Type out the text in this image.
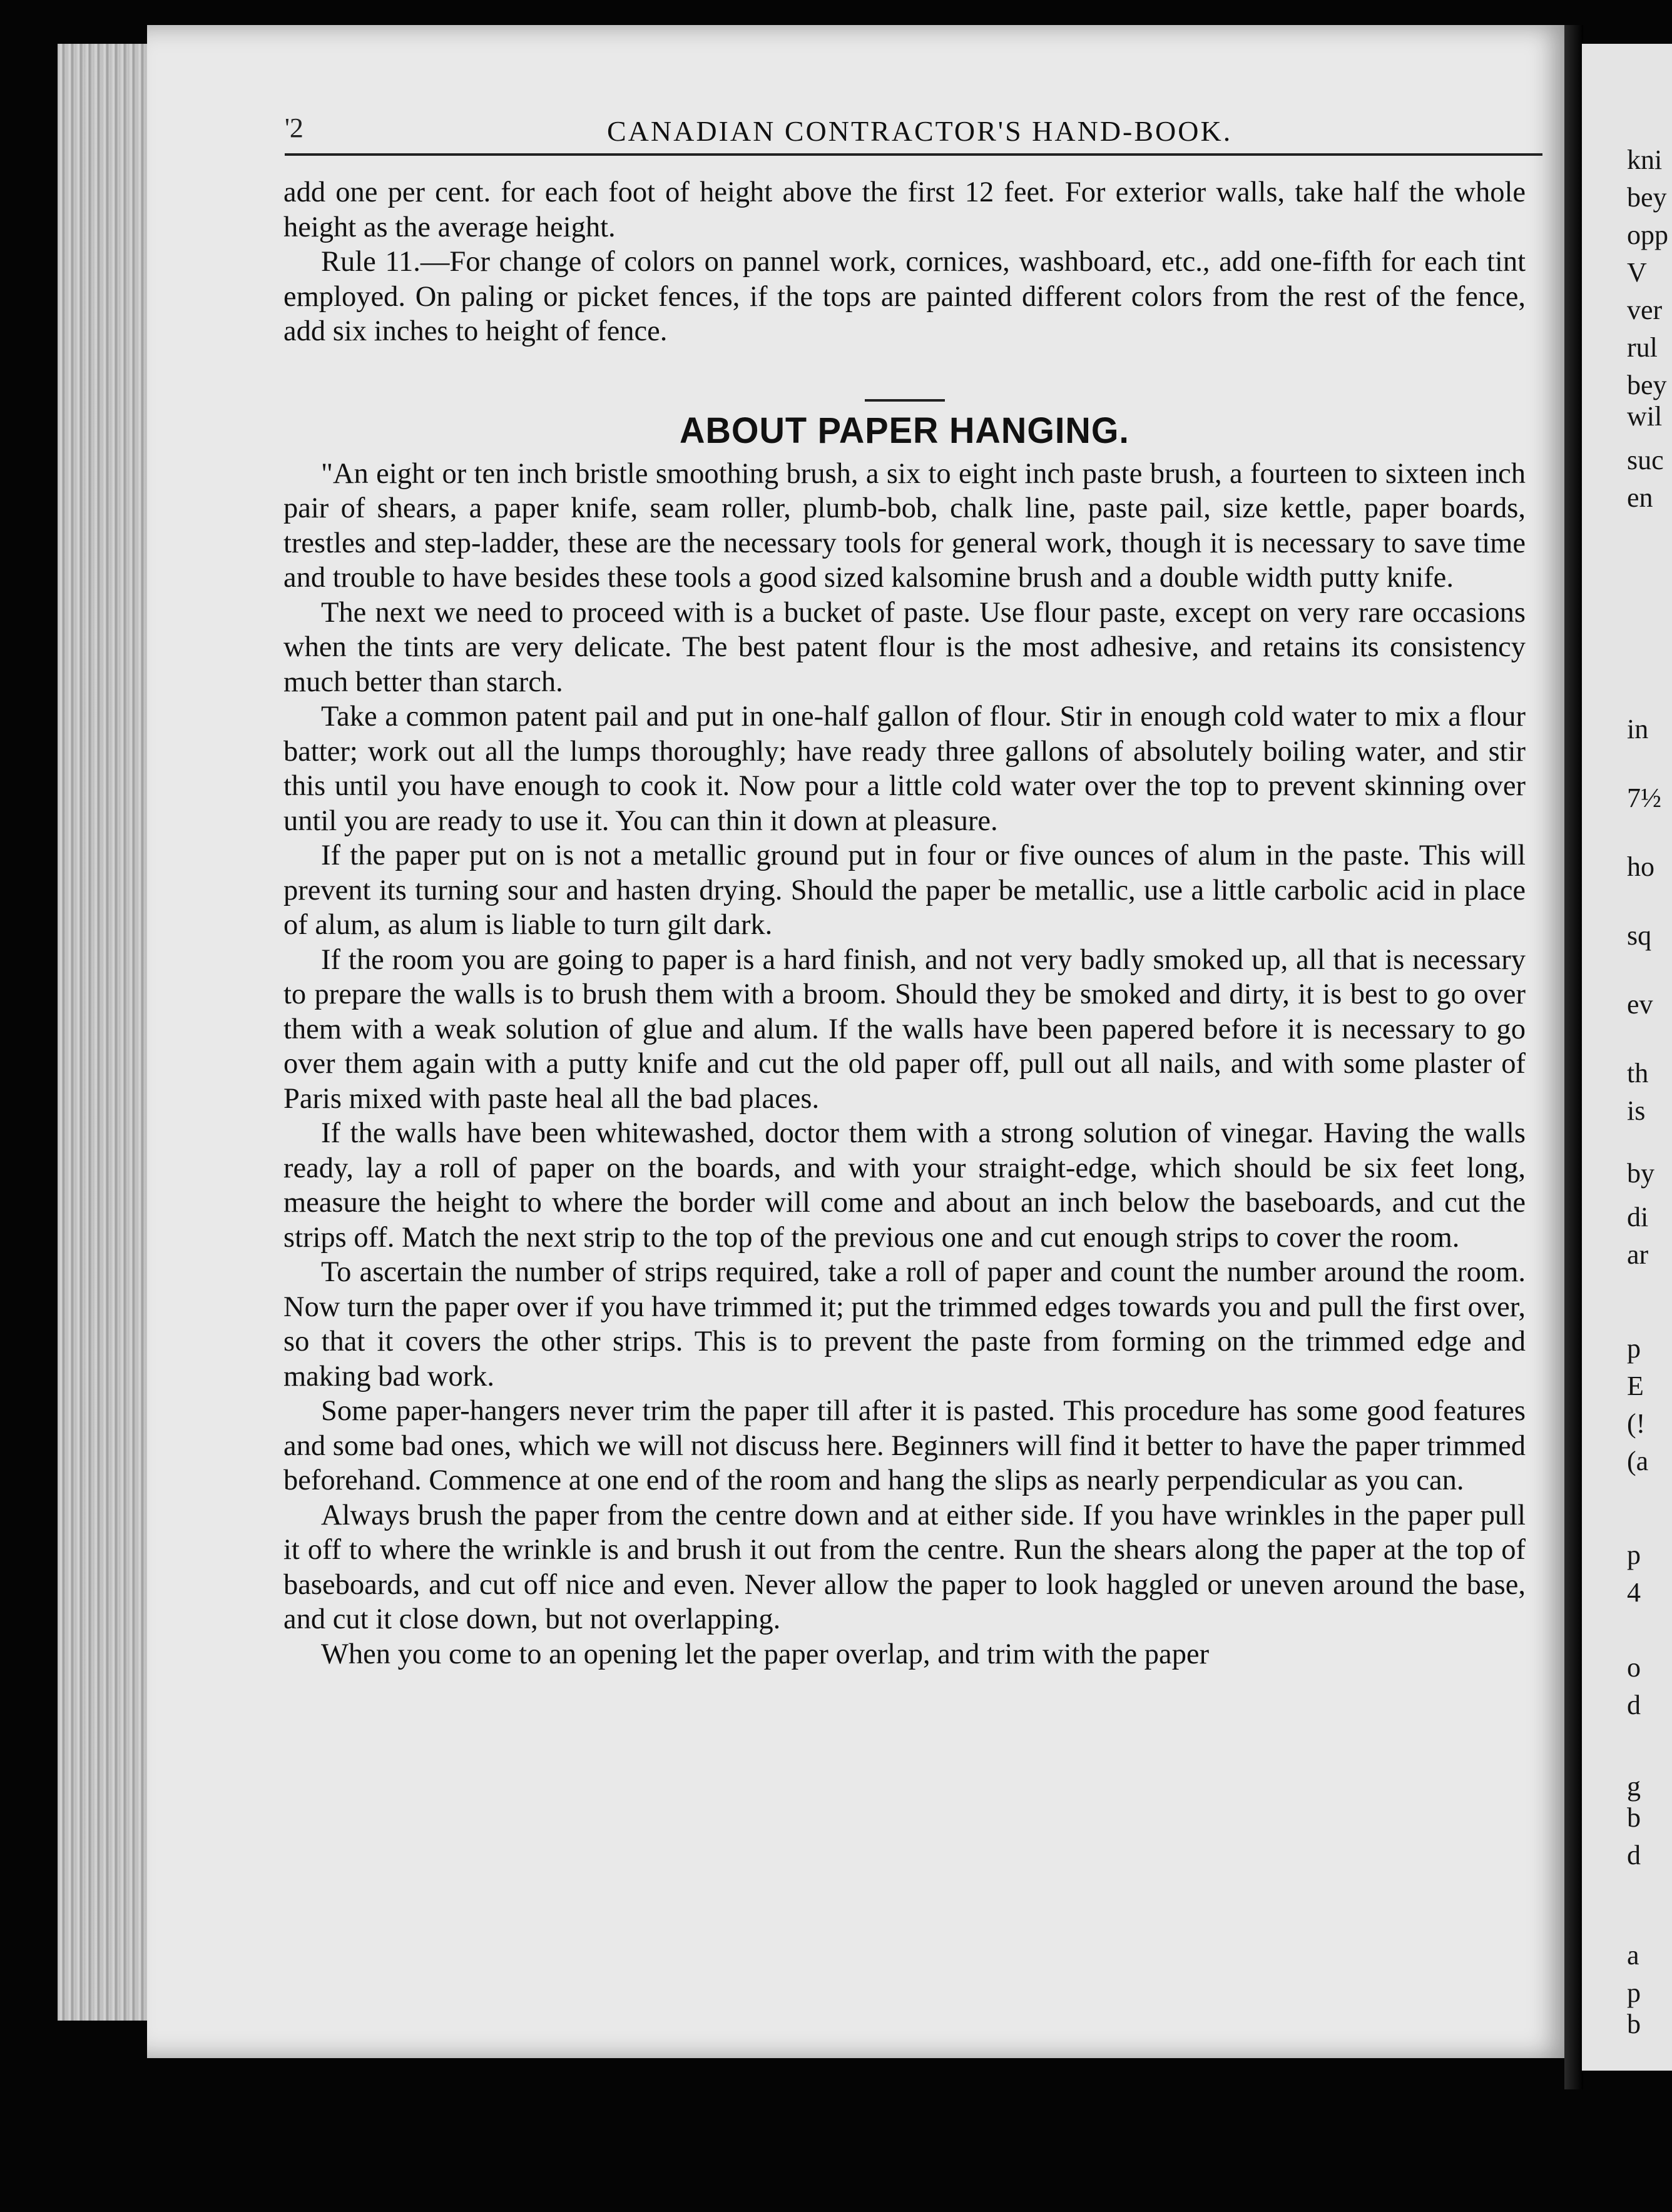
kni
bey
opp
V
ver
rul
bey
wil
suc
en
in
7½
ho
sq
ev
th
is
by
di
ar
p
E
(!
(a
p
4
o
d
g
b
d
a
p
b
'2	CANADIAN CONTRACTOR'S HAND-BOOK.

add one per cent. for each foot of height above the first 12 feet. For exterior walls, take half the whole height as the average height.

Rule 11.—For change of colors on pannel work, cornices, washboard, etc., add one-fifth for each tint employed. On paling or picket fences, if the tops are painted different colors from the rest of the fence, add six inches to height of fence.

ABOUT PAPER HANGING.

"An eight or ten inch bristle smoothing brush, a six to eight inch paste brush, a fourteen to sixteen inch pair of shears, a paper knife, seam roller, plumb-bob, chalk line, paste pail, size kettle, paper boards, trestles and step-ladder, these are the necessary tools for general work, though it is necessary to save time and trouble to have besides these tools a good sized kalsomine brush and a double width putty knife.

The next we need to proceed with is a bucket of paste. Use flour paste, except on very rare occasions when the tints are very delicate. The best patent flour is the most adhesive, and retains its consistency much better than starch.

Take a common patent pail and put in one-half gallon of flour. Stir in enough cold water to mix a flour batter; work out all the lumps thoroughly; have ready three gallons of absolutely boiling water, and stir this until you have enough to cook it. Now pour a little cold water over the top to prevent skinning over until you are ready to use it. You can thin it down at pleasure.

If the paper put on is not a metallic ground put in four or five ounces of alum in the paste. This will prevent its turning sour and hasten drying. Should the paper be metallic, use a little carbolic acid in place of alum, as alum is liable to turn gilt dark.

If the room you are going to paper is a hard finish, and not very badly smoked up, all that is necessary to prepare the walls is to brush them with a broom. Should they be smoked and dirty, it is best to go over them with a weak solution of glue and alum. If the walls have been papered before it is necessary to go over them again with a putty knife and cut the old paper off, pull out all nails, and with some plaster of Paris mixed with paste heal all the bad places.

If the walls have been whitewashed, doctor them with a strong solution of vinegar. Having the walls ready, lay a roll of paper on the boards, and with your straight-edge, which should be six feet long, measure the height to where the border will come and about an inch below the baseboards, and cut the strips off. Match the next strip to the top of the previous one and cut enough strips to cover the room.

To ascertain the number of strips required, take a roll of paper and count the number around the room. Now turn the paper over if you have trimmed it; put the trimmed edges towards you and pull the first over, so that it covers the other strips. This is to prevent the paste from forming on the trimmed edge and making bad work.

Some paper-hangers never trim the paper till after it is pasted. This procedure has some good features and some bad ones, which we will not discuss here. Beginners will find it better to have the paper trimmed beforehand. Commence at one end of the room and hang the slips as nearly perpendicular as you can.

Always brush the paper from the centre down and at either side. If you have wrinkles in the paper pull it off to where the wrinkle is and brush it out from the centre. Run the shears along the paper at the top of baseboards, and cut off nice and even. Never allow the paper to look haggled or uneven around the base, and cut it close down, but not overlapping.

When you come to an opening let the paper overlap, and trim with the paper
